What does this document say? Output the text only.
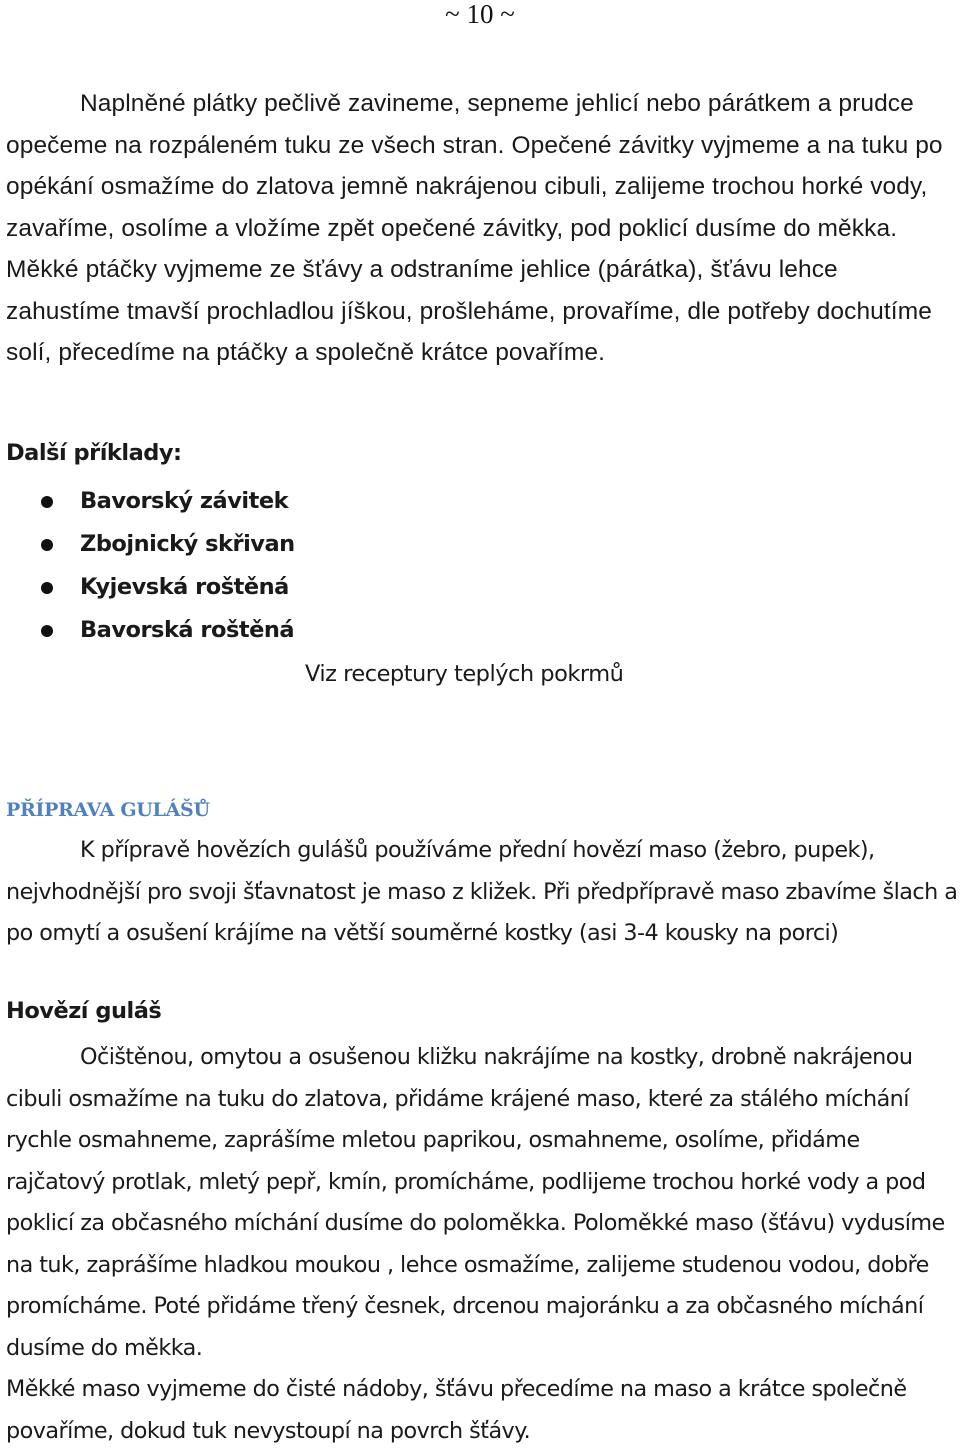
~ 10 ~

Naplněné plátky pečlivě zavineme, sepneme jehlicí nebo párátkem a prudce opečeme na rozpáleném tuku ze všech stran. Opečené závitky vyjmeme a na tuku po opékání osmažíme do zlatova jemně nakrájenou cibuli, zalijeme trochou horké vody, zavaříme, osolíme a vložíme zpět opečené závitky, pod poklicí dusíme do měkka. Měkké ptáčky vyjmeme ze šťávy a odstraníme jehlice (párátka), šťávu lehce zahustíme tmavší prochladlou jíškou, prošleháme, provaříme, dle potřeby dochutíme solí, přecedíme na ptáčky a společně krátce povaříme.

Další příklady:
Bavorský závitek
Zbojnický skřivan
Kyjevská roštěná
Bavorská roštěná
Viz receptury teplých pokrmů
PŘÍPRAVA GULÁŠŮ

K přípravě hovězích gulášů používáme přední hovězí maso (žebro, pupek), nejvhodnější pro svoji šťavnatost je maso z kližek. Při předpřípravě maso zbavíme šlach a po omytí a osušení krájíme na větší souměrné kostky (asi 3-4 kousky na porci)

Hovězí guláš
Očištěnou, omytou a osušenou kližku nakrájíme na kostky, drobně nakrájenou cibuli osmažíme na tuku do zlatova, přidáme krájené maso, které za stálého míchání rychle osmahneme, zaprášíme mletou paprikou, osmahneme, osolíme, přidáme rajčatový protlak, mletý pepř, kmín, promícháme, podlijeme trochou horké vody a pod poklicí za občasného míchání dusíme do poloměkka. Poloměkké maso (šťávu) vydusíme na tuk, zaprášíme hladkou moukou , lehce osmažíme, zalijeme studenou vodou, dobře promícháme. Poté přidáme třený česnek, drcenou majoránku a za občasného míchání dusíme do měkka.
Měkké maso vyjmeme do čisté nádoby, šťávu přecedíme na maso a krátce společně povaříme, dokud tuk nevystoupí na povrch šťávy.
